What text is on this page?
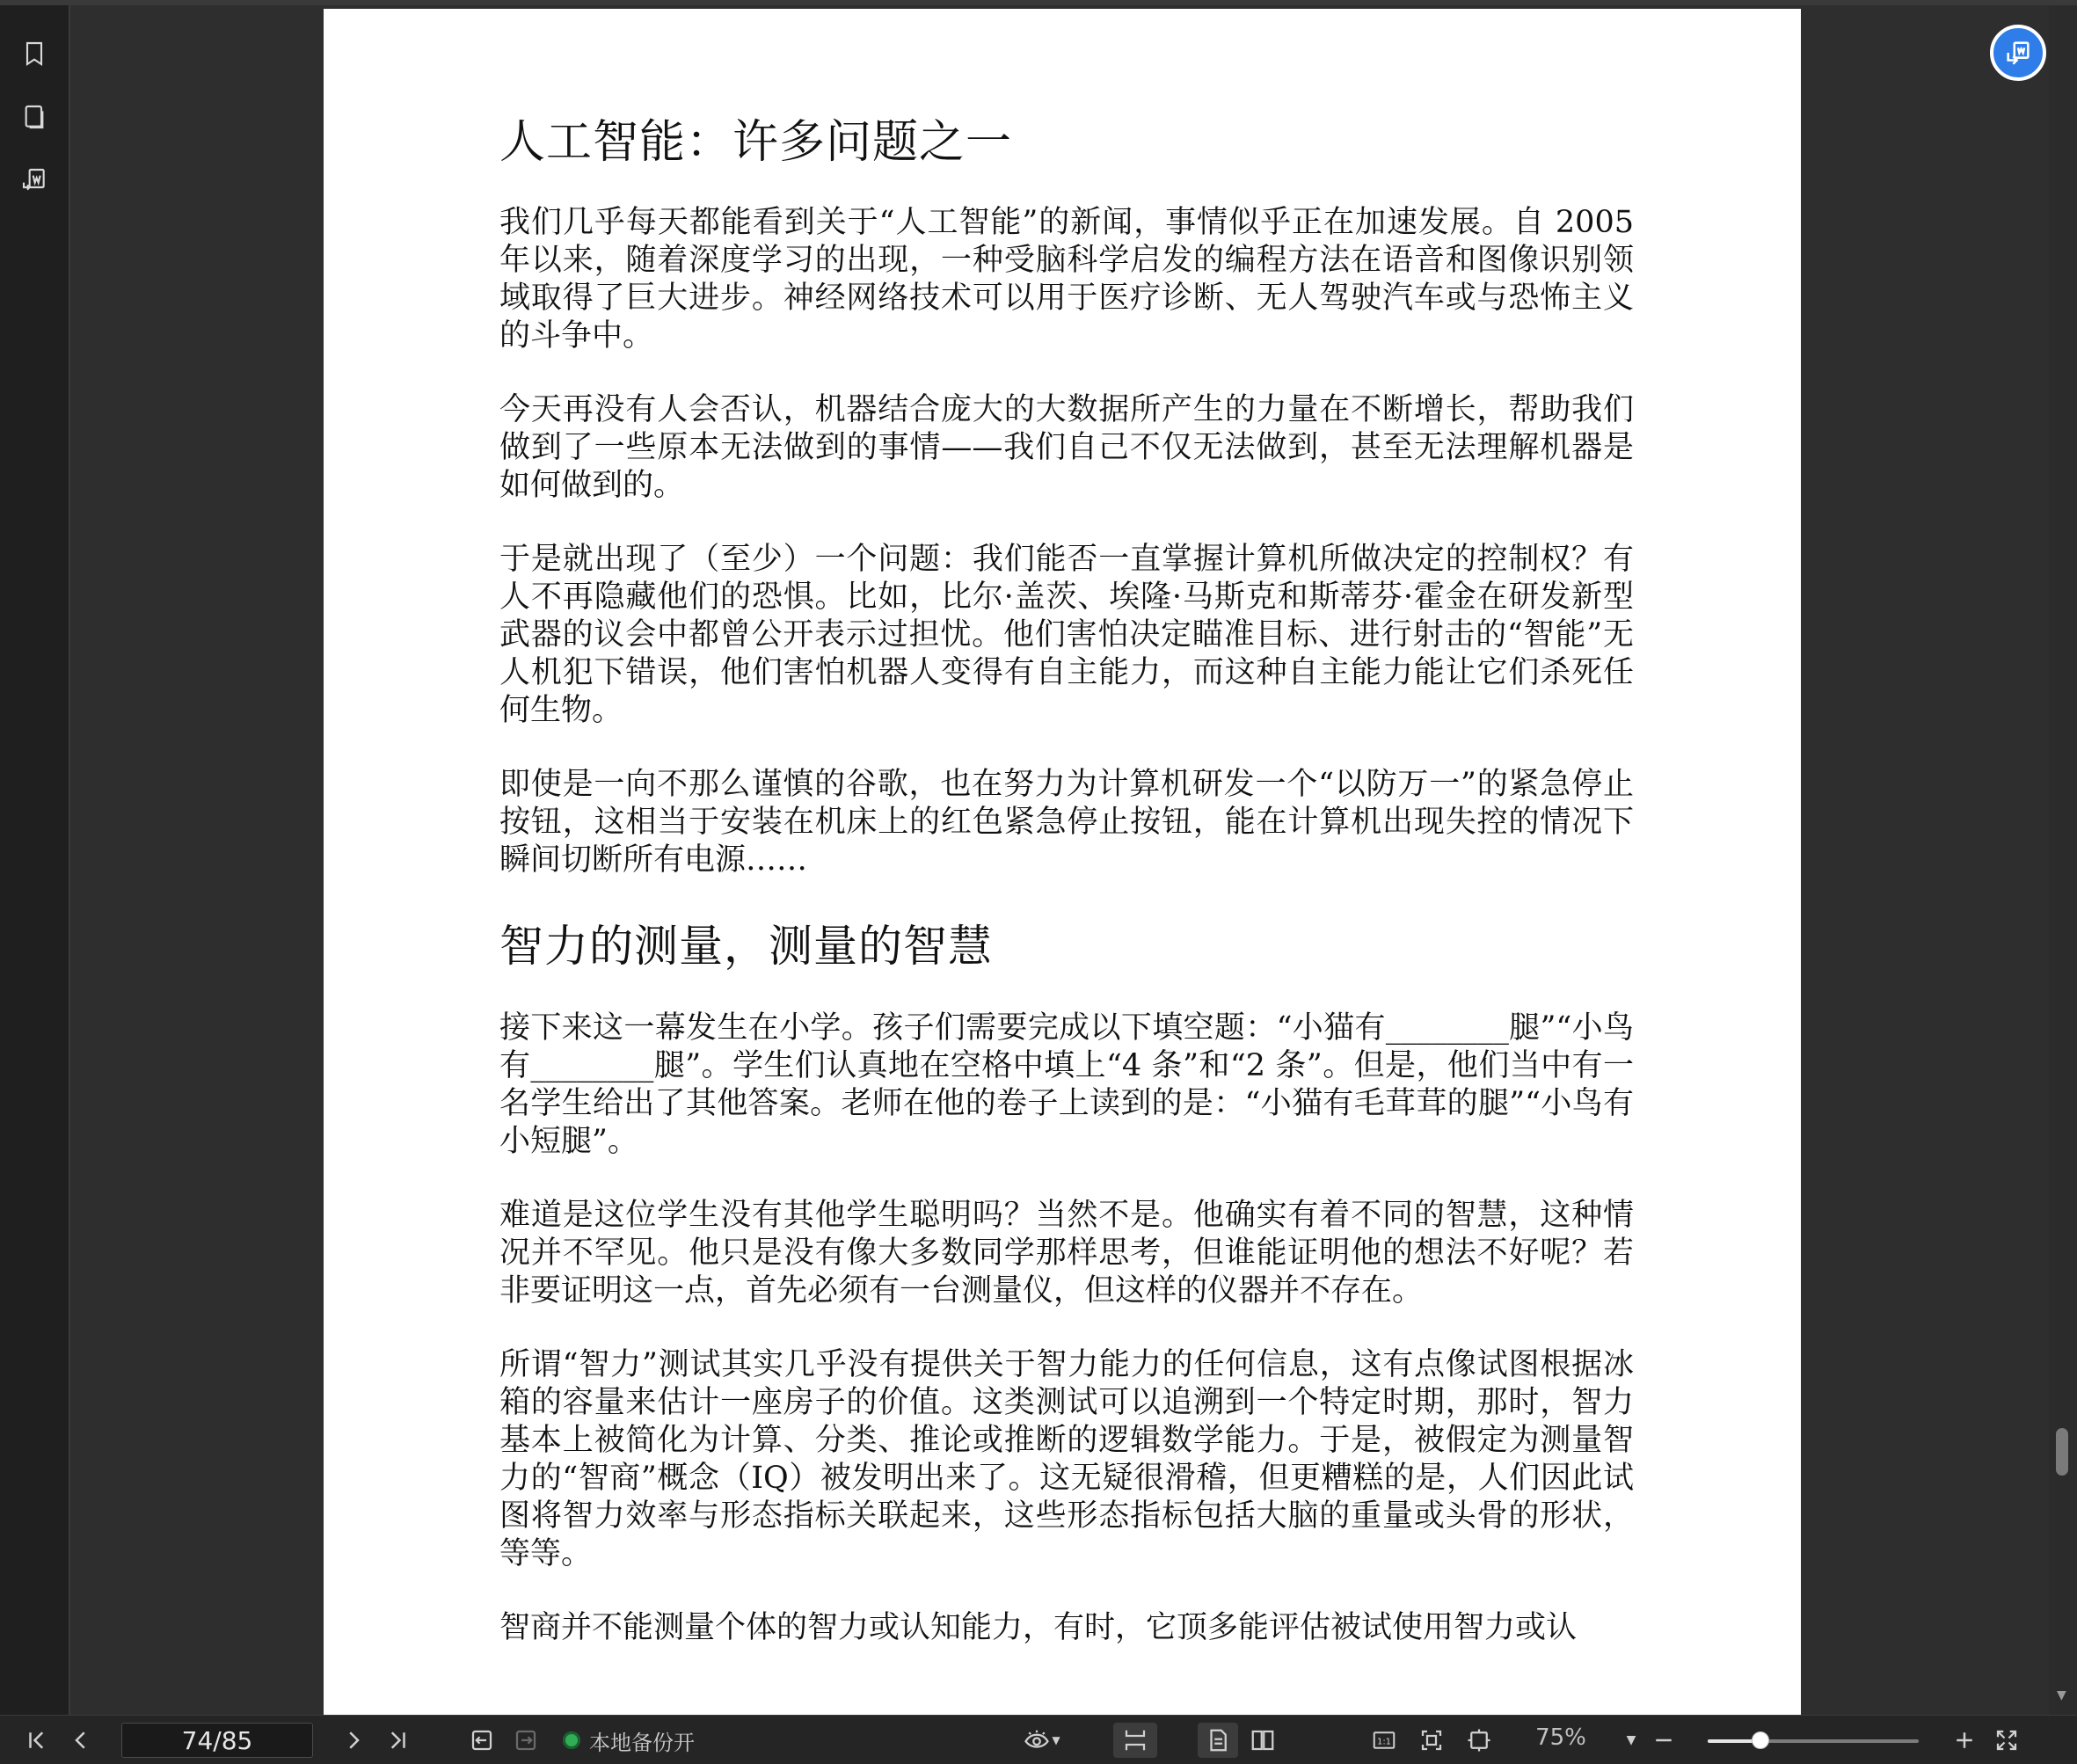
人工智能：许多问题之一

我们几乎每天都能看到关于“人工智能”的新闻，事情似乎正在加速发展。自 2005 年以来，随着深度学习的出现，一种受脑科学启发的编程方法在语音和图像识别领域取得了巨大进步。神经网络技术可以用于医疗诊断、无人驾驶汽车或与恐怖主义的斗争中。

今天再没有人会否认，机器结合庞大的大数据所产生的力量在不断增长，帮助我们做到了一些原本无法做到的事情——我们自己不仅无法做到，甚至无法理解机器是如何做到的。

于是就出现了（至少）一个问题：我们能否一直掌握计算机所做决定的控制权？有人不再隐藏他们的恐惧。比如，比尔·盖茨、埃隆·马斯克和斯蒂芬·霍金在研发新型武器的议会中都曾公开表示过担忧。他们害怕决定瞄准目标、进行射击的“智能”无人机犯下错误，他们害怕机器人变得有自主能力，而这种自主能力能让它们杀死任何生物。

即使是一向不那么谨慎的谷歌，也在努力为计算机研发一个“以防万一”的紧急停止按钮，这相当于安装在机床上的红色紧急停止按钮，能在计算机出现失控的情况下瞬间切断所有电源……

智力的测量，测量的智慧

接下来这一幕发生在小学。孩子们需要完成以下填空题：“小猫有________腿”“小鸟有________腿”。学生们认真地在空格中填上“4 条”和“2 条”。但是，他们当中有一名学生给出了其他答案。老师在他的卷子上读到的是：“小猫有毛茸茸的腿”“小鸟有小短腿”。

难道是这位学生没有其他学生聪明吗？当然不是。他确实有着不同的智慧，这种情况并不罕见。他只是没有像大多数同学那样思考，但谁能证明他的想法不好呢？若非要证明这一点，首先必须有一台测量仪，但这样的仪器并不存在。

所谓“智力”测试其实几乎没有提供关于智力能力的任何信息，这有点像试图根据冰箱的容量来估计一座房子的价值。这类测试可以追溯到一个特定时期，那时，智力基本上被简化为计算、分类、推论或推断的逻辑数学能力。于是，被假定为测量智力的“智商”概念（IQ）被发明出来了。这无疑很滑稽，但更糟糕的是，人们因此试图将智力效率与形态指标关联起来，这些形态指标包括大脑的重量或头骨的形状，等等。

智商并不能测量个体的智力或认知能力，有时，它顶多能评估被试使用智力或认

▼
74/85	本地备份开	▼	1:1	75%	▼
